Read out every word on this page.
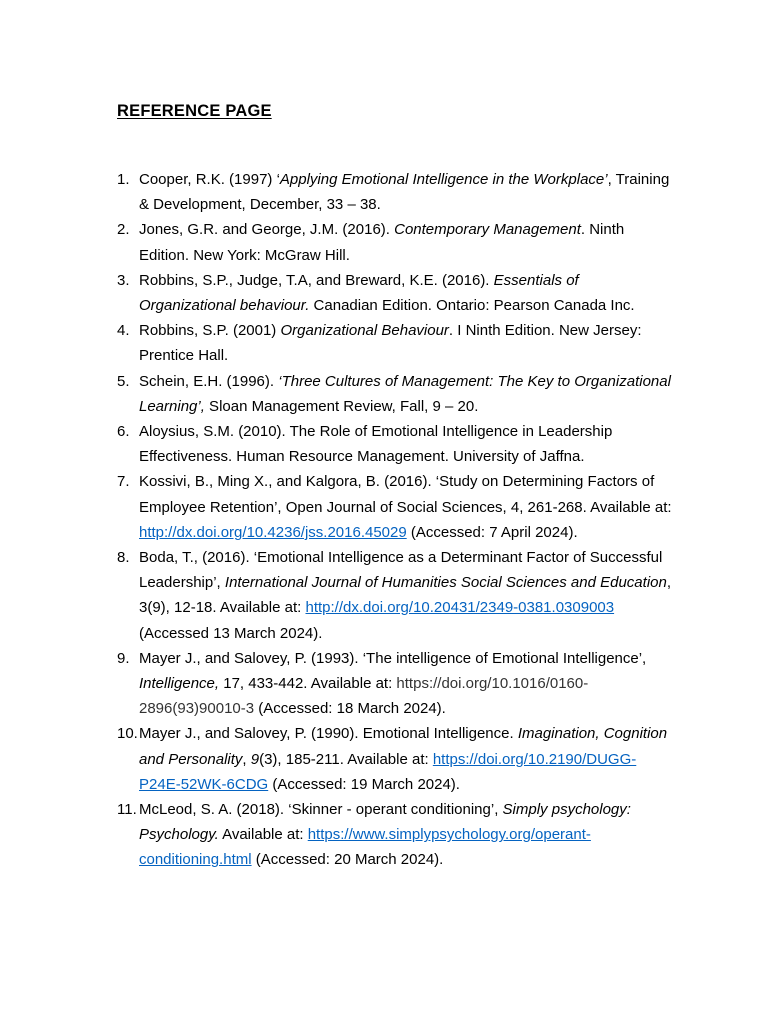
REFERENCE PAGE
1. Cooper, R.K. (1997) ‘Applying Emotional Intelligence in the Workplace’, Training & Development, December, 33 – 38.
2. Jones, G.R. and George, J.M. (2016). Contemporary Management. Ninth Edition. New York: McGraw Hill.
3. Robbins, S.P., Judge, T.A, and Breward, K.E. (2016). Essentials of Organizational behaviour. Canadian Edition. Ontario: Pearson Canada Inc.
4. Robbins, S.P. (2001) Organizational Behaviour. I Ninth Edition. New Jersey: Prentice Hall.
5. Schein, E.H. (1996). ‘Three Cultures of Management: The Key to Organizational Learning’, Sloan Management Review, Fall, 9 – 20.
6. Aloysius, S.M. (2010). The Role of Emotional Intelligence in Leadership Effectiveness. Human Resource Management. University of Jaffna.
7. Kossivi, B., Ming X., and Kalgora, B. (2016). ‘Study on Determining Factors of Employee Retention’, Open Journal of Social Sciences, 4, 261-268. Available at: http://dx.doi.org/10.4236/jss.2016.45029 (Accessed: 7 April 2024).
8. Boda, T., (2016). ‘Emotional Intelligence as a Determinant Factor of Successful Leadership’, International Journal of Humanities Social Sciences and Education, 3(9), 12-18. Available at: http://dx.doi.org/10.20431/2349-0381.0309003 (Accessed 13 March 2024).
9. Mayer J., and Salovey, P. (1993). ‘The intelligence of Emotional Intelligence’, Intelligence, 17, 433-442. Available at: https://doi.org/10.1016/0160-2896(93)90010-3 (Accessed: 18 March 2024).
10. Mayer J., and Salovey, P. (1990). Emotional Intelligence. Imagination, Cognition and Personality, 9(3), 185-211. Available at: https://doi.org/10.2190/DUGG-P24E-52WK-6CDG (Accessed: 19 March 2024).
11. McLeod, S. A. (2018). ‘Skinner - operant conditioning’, Simply psychology: Psychology. Available at: https://www.simplypsychology.org/operant-conditioning.html (Accessed: 20 March 2024).
